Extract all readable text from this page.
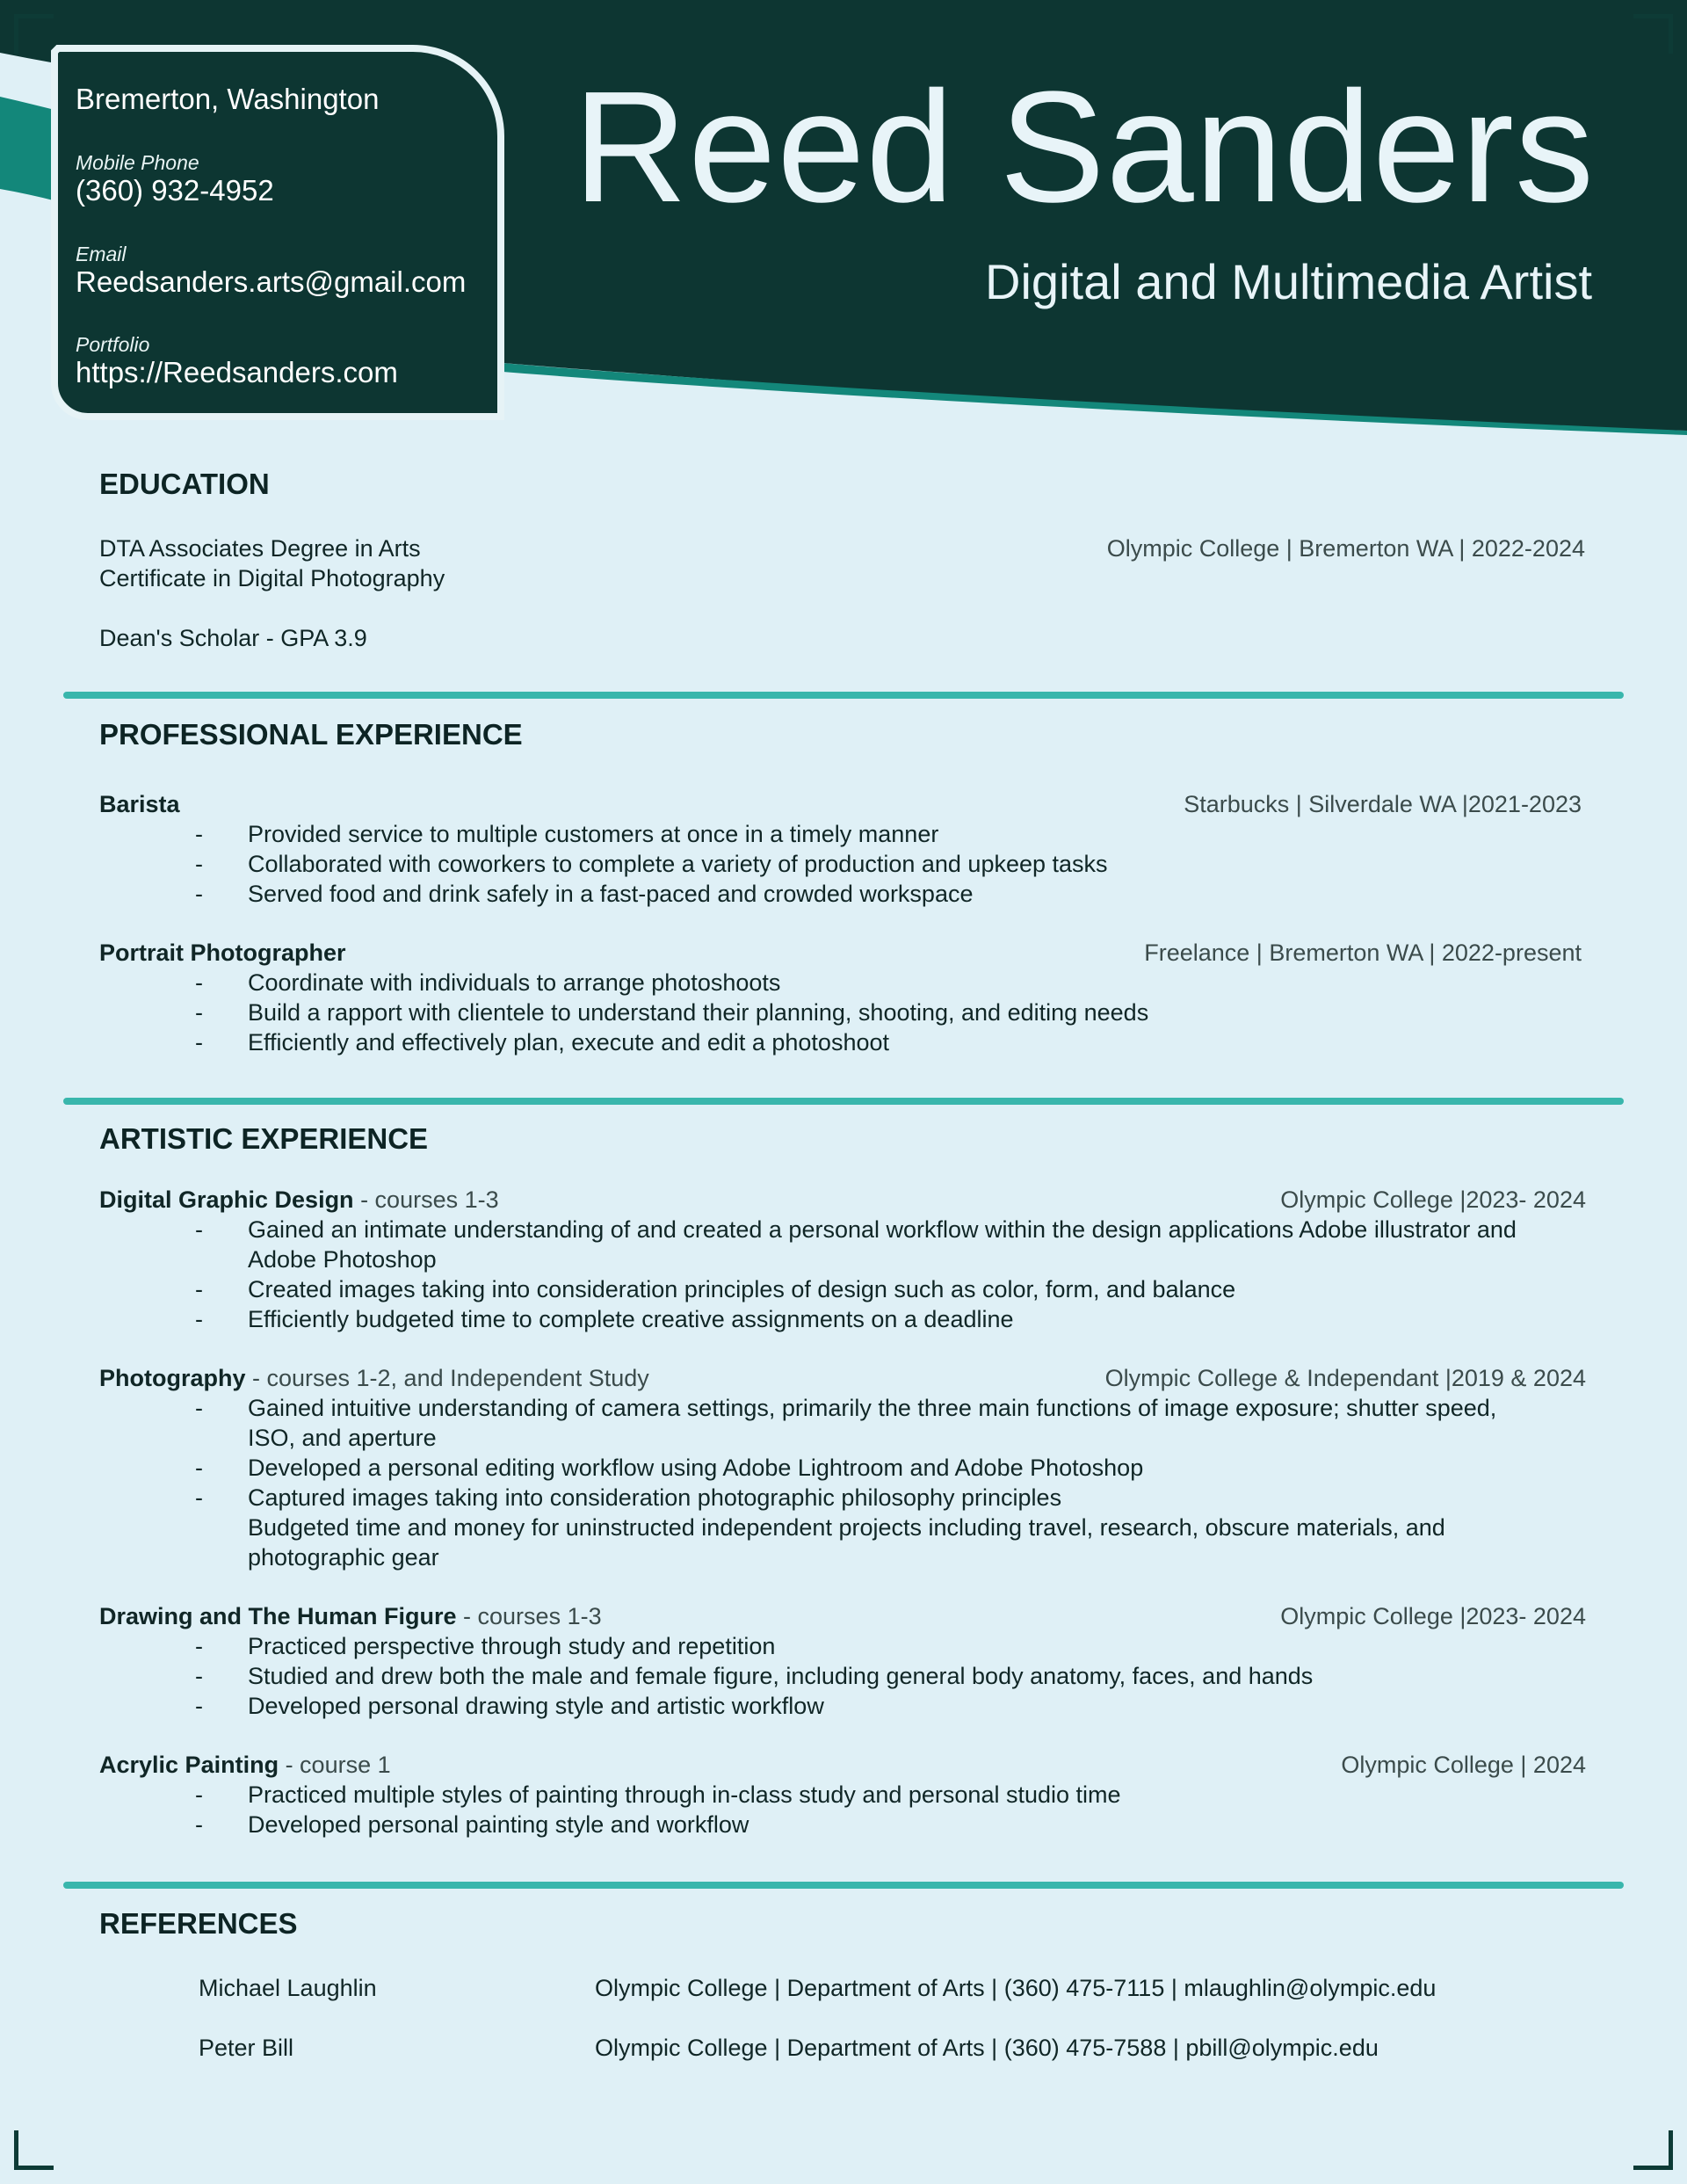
Bremerton, Washington
Mobile Phone
(360) 932-4952
Email
Reedsanders.arts@gmail.com
Portfolio
https://Reedsanders.com
Reed Sanders
Digital and Multimedia Artist
EDUCATION
DTA Associates Degree in Arts	Olympic College | Bremerton WA | 2022-2024
Certificate in Digital Photography
Dean's Scholar - GPA 3.9
PROFESSIONAL EXPERIENCE
Barista	Starbucks | Silverdale WA |2021-2023
- Provided service to multiple customers at once in a timely manner
- Collaborated with coworkers to complete a variety of production and upkeep tasks
- Served food and drink safely in a fast-paced and crowded workspace
Portrait Photographer	Freelance | Bremerton WA | 2022-present
- Coordinate with individuals to arrange photoshoots
- Build a rapport with clientele to understand their planning, shooting, and editing needs
- Efficiently and effectively plan, execute and edit a photoshoot
ARTISTIC EXPERIENCE
Digital Graphic Design - courses 1-3	Olympic College |2023- 2024
- Gained an intimate understanding of and created a personal workflow within the design applications Adobe illustrator and
Adobe Photoshop
- Created images taking into consideration principles of design such as color, form, and balance
- Efficiently budgeted time to complete creative assignments on a deadline
Photography - courses 1-2, and Independent Study	Olympic College & Independant |2019 & 2024
- Gained intuitive understanding of camera settings, primarily the three main functions of image exposure; shutter speed,
ISO, and aperture
- Developed a personal editing workflow using Adobe Lightroom and Adobe Photoshop
- Captured images taking into consideration photographic philosophy principles
Budgeted time and money for uninstructed independent projects including travel, research, obscure materials, and
photographic gear
Drawing and The Human Figure - courses 1-3	Olympic College |2023- 2024
- Practiced perspective through study and repetition
- Studied and drew both the male and female figure, including general body anatomy, faces, and hands
- Developed personal drawing style and artistic workflow
Acrylic Painting - course 1	Olympic College | 2024
- Practiced multiple styles of painting through in-class study and personal studio time
- Developed personal painting style and workflow
REFERENCES
Michael Laughlin	Olympic College | Department of Arts | (360) 475-7115 | mlaughlin@olympic.edu
Peter Bill	Olympic College | Department of Arts | (360) 475-7588 | pbill@olympic.edu
